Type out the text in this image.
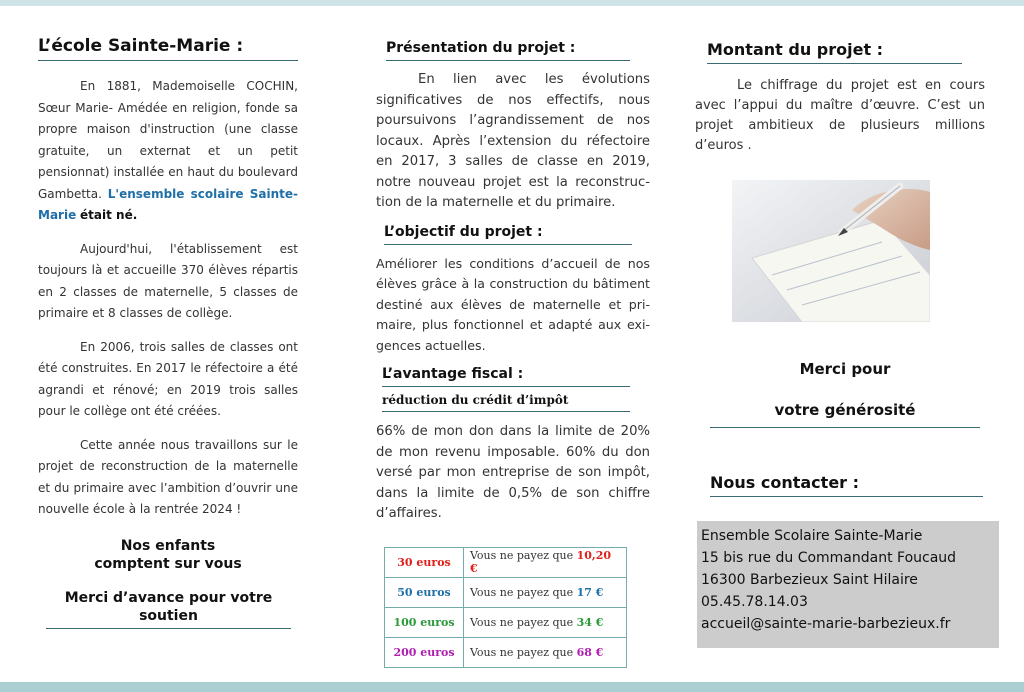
L’école Sainte-Marie :

En 1881, Mademoiselle COCHIN, Sœur Marie- Amédée en religion, fonde sa propre maison d'instruction (une classe gratuite, un externat et un petit pensionnat) installée en haut du boulevard Gambetta. L'ensemble scolaire Sainte-Marie était né.

Aujourd'hui, l'établissement est toujours là et accueille 370 élèves répartis en 2 classes de maternelle, 5 classes de primaire et 8 classes de collège.

En 2006, trois salles de classes ont été construites. En 2017 le réfectoire a été agrandi et rénové; en 2019 trois salles pour le collège ont été créées.

Cette année nous travaillons sur le projet de reconstruction de la maternelle et du primaire avec l’ambition d’ouvrir une nouvelle école à la rentrée 2024 !

Nos enfants
comptent sur vous
Merci d’avance pour votre
soutien
Présentation du projet :

En lien avec les évolutions significatives de nos effectifs, nous poursuivons l’agrandissement de nos locaux. Après l’extension du réfectoire en 2017, 3 salles de classe en 2019, notre nouveau projet est la reconstruc-tion de la maternelle et du primaire.

L’objectif du projet :

Améliorer les conditions d’accueil de nos élèves grâce à la construction du bâtiment destiné aux élèves de maternelle et pri-maire, plus fonctionnel et adapté aux exi-gences actuelles.

L’avantage fiscal :
réduction du crédit d’impôt

66% de mon don dans la limite de 20% de mon revenu imposable. 60% du don versé par mon entreprise de son impôt, dans la limite de 0,5% de son chiffre d’affaires.

30 euros	Vous ne payez que 10,20 €
50 euros	Vous ne payez que 17 €
100 euros	Vous ne payez que 34 €
200 euros	Vous ne payez que 68 €
Montant du projet :

Le chiffrage du projet est en cours avec l’appui du maître d’œuvre. C’est un projet ambitieux de plusieurs millions d’euros .

Merci pour
votre générosité
Nous contacter :
Ensemble Scolaire Sainte-Marie
15 bis rue du Commandant Foucaud
16300 Barbezieux Saint Hilaire
05.45.78.14.03
accueil@sainte-marie-barbezieux.fr
